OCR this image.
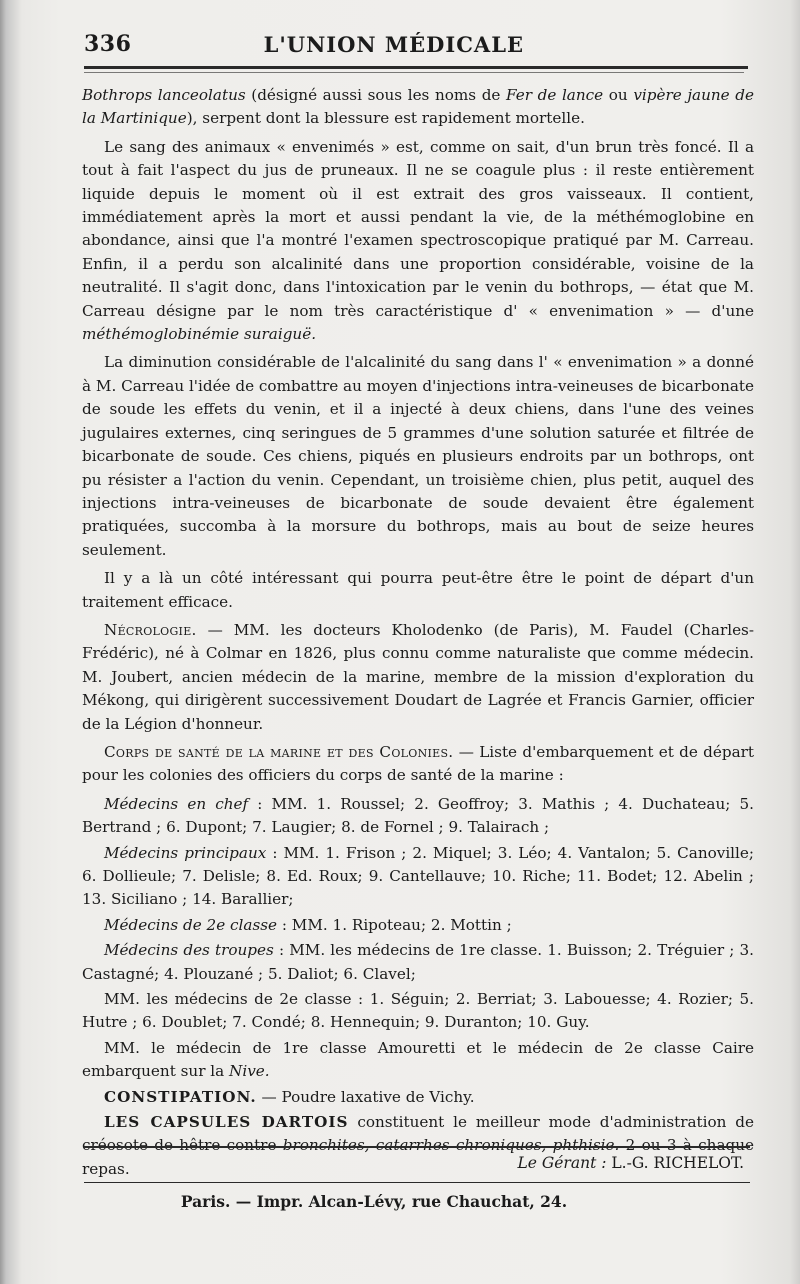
336	L'UNION MÉDICALE

Bothrops lanceolatus (désigné aussi sous les noms de Fer de lance ou vipère jaune de la Martinique), serpent dont la blessure est rapidement mortelle.

Le sang des animaux « envenimés » est, comme on sait, d'un brun très foncé. Il a tout à fait l'aspect du jus de pruneaux. Il ne se coagule plus : il reste entièrement liquide depuis le moment où il est extrait des gros vaisseaux. Il contient, immédiatement après la mort et aussi pendant la vie, de la méthémoglobine en abondance, ainsi que l'a montré l'examen spectroscopique pratiqué par M. Carreau. Enfin, il a perdu son alcalinité dans une proportion considérable, voisine de la neutralité. Il s'agit donc, dans l'intoxication par le venin du bothrops, — état que M. Carreau désigne par le nom très caractéristique d' « envenimation » — d'une méthémoglobinémie suraiguë.

La diminution considérable de l'alcalinité du sang dans l' « envenimation » a donné à M. Carreau l'idée de combattre au moyen d'injections intra-veineuses de bicarbonate de soude les effets du venin, et il a injecté à deux chiens, dans l'une des veines jugulaires externes, cinq seringues de 5 grammes d'une solution saturée et filtrée de bicarbonate de soude. Ces chiens, piqués en plusieurs endroits par un bothrops, ont pu résister a l'action du venin. Cependant, un troisième chien, plus petit, auquel des injections intra-veineuses de bicarbonate de soude devaient être également pratiquées, succomba à la morsure du bothrops, mais au bout de seize heures seulement.

Il y a là un côté intéressant qui pourra peut-être être le point de départ d'un traitement efficace.

Nécrologie. — MM. les docteurs Kholodenko (de Paris), M. Faudel (Charles-Frédéric), né à Colmar en 1826, plus connu comme naturaliste que comme médecin. M. Joubert, ancien médecin de la marine, membre de la mission d'exploration du Mékong, qui dirigèrent successivement Doudart de Lagrée et Francis Garnier, officier de la Légion d'honneur.

Corps de santé de la marine et des Colonies. — Liste d'embarquement et de départ pour les colonies des officiers du corps de santé de la marine :

Médecins en chef : MM. 1. Roussel; 2. Geoffroy; 3. Mathis ; 4. Duchateau; 5. Bertrand ; 6. Dupont; 7. Laugier; 8. de Fornel ; 9. Talairach ;

Médecins principaux : MM. 1. Frison ; 2. Miquel; 3. Léo; 4. Vantalon; 5. Canoville; 6. Dollieule; 7. Delisle; 8. Ed. Roux; 9. Cantellauve; 10. Riche; 11. Bodet; 12. Abelin ; 13. Siciliano ; 14. Barallier;

Médecins de 2e classe : MM. 1. Ripoteau; 2. Mottin ;

Médecins des troupes : MM. les médecins de 1re classe. 1. Buisson; 2. Tréguier ; 3. Castagné; 4. Plouzané ; 5. Daliot; 6. Clavel;

MM. les médecins de 2e classe : 1. Séguin; 2. Berriat; 3. Labouesse; 4. Rozier; 5. Hutre ; 6. Doublet; 7. Condé; 8. Hennequin; 9. Duranton; 10. Guy.

MM. le médecin de 1re classe Amouretti et le médecin de 2e classe Caire embarquent sur la Nive.

CONSTIPATION. — Poudre laxative de Vichy.

LES CAPSULES DARTOIS constituent le meilleur mode d'administration de créosote de hêtre contre bronchites, catarrhes chroniques, phthisie. 2 ou 3 à chaque repas.	Le Gérant : L.-G. RICHELOT.
Paris. — Impr. Alcan-Lévy, rue Chauchat, 24.
